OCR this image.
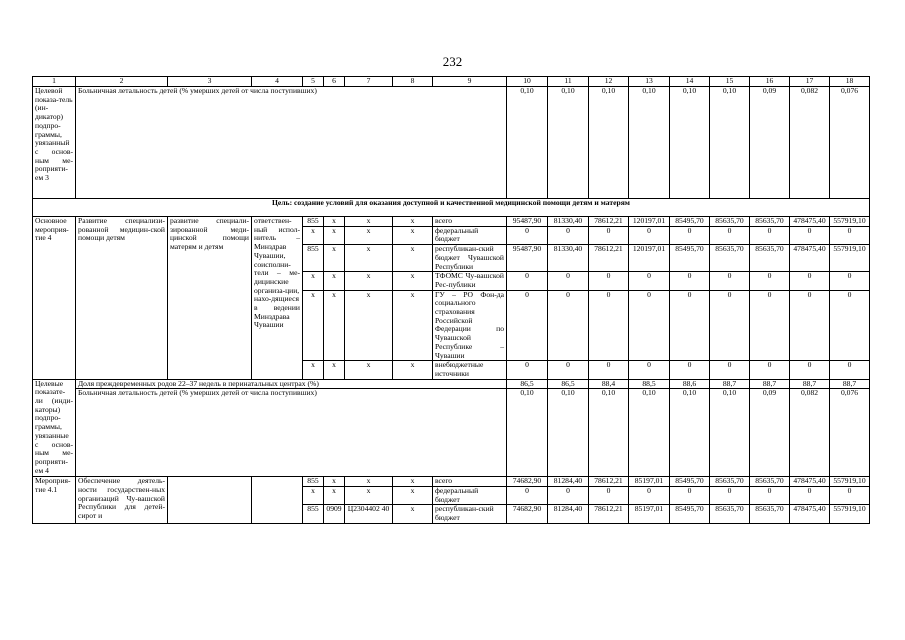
232
1	2	3	4	5	6	7	8	9	10	11	12	13	14	15	16	17	18
Целевой показа-тель (ин-дикатор) подпро-граммы, увязанный с основ-ным ме-роприяти-ем 3	Больничная летальность детей (% умерших детей от числа поступивших)								0,10	0,10	0,10	0,10	0,10	0,10	0,09	0,082	0,076
Цель: создание условий для оказания доступной и качественной медицинской помощи детям и матерям																	
Основное мероприя-тие 4	Развитие специализи-рованной медицин-ской помощи детям	развитие специали-зированной меди-цинской помощи матерям и детям	ответствен-ный испол-нитель – Минздрав Чувашии, соисполни-тели – ме-дицинские организа-ции, нахо-дящиеся в ведении Минздрава Чувашии	855	x	x	x	всего	95487,90	81330,40	78612,21	120197,01	85495,70	85635,70	85635,70	478475,40	557919,10
				x	x	x	x	федеральный бюджет	0	0	0	0	0	0	0	0	0
				855	x	x	x	республикан-ский бюджет Чувашской Республики	95487,90	81330,40	78612,21	120197,01	85495,70	85635,70	85635,70	478475,40	557919,10
				x	x	x	x	ТФОМС Чу-вашской Рес-публики	0	0	0	0	0	0	0	0	0
				x	x	x	x	ГУ – РО Фон-да социального страхования Российской Федерации по Чувашской Республике – Чувашии	0	0	0	0	0	0	0	0	0
				x	x	x	x	внебюджетные источники	0	0	0	0	0	0	0	0	0
Целевые показате-ли (инди-каторы) подпро-граммы, увязанные с основ-ным ме-роприяти-ем 4	Доля преждевременных родов 22–37 недель в перинатальных центрах (%)								86,5	86,5	88,4	88,5	88,6	88,7	88,7	88,7	88,7
	Больничная летальность детей (% умерших детей от числа поступивших)								0,10	0,10	0,10	0,10	0,10	0,10	0,09	0,082	0,076
Мероприя-тие 4.1	Обеспечение деятель-ности государствен-ных организаций Чу-вашской Республики для детей-сирот и			855	x	x	x	всего	74682,90	81284,40	78612,21	85197,01	85495,70	85635,70	85635,70	478475,40	557919,10
				x	x	x	x	федеральный бюджет	0	0	0	0	0	0	0	0	0
				855	0909	Ц2304402 40	x	республикан-ский бюджет	74682,90	81284,40	78612,21	85197,01	85495,70	85635,70	85635,70	478475,40	557919,10
